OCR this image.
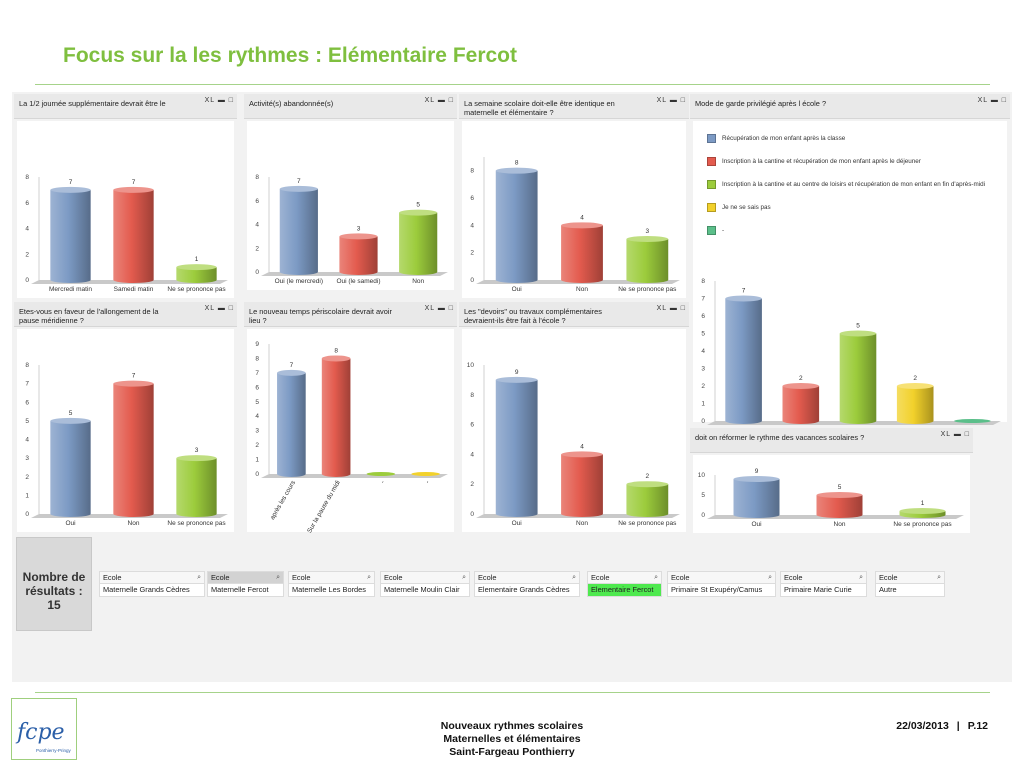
Focus sur la les rythmes : Elémentaire Fercot
La 1/2 journée supplémentaire devrait être le	XL ▬ □
0
2
4
6
8
7
Mercredi matin
7
Samedi matin
1
Ne se prononce pas
Activité(s) abandonnée(s)	XL ▬ □
0
2
4
6
8
7
Oui (le mercredi)
3
Oui (le samedi)
5
Non
La semaine scolaire doit-elle être identique en maternelle et élémentaire ?
XL ▬ □
0
2
4
6
8
8
Oui
4
Non
3
Ne se prononce pas
Mode de garde privilégié après l école ?	XL ▬ □
Récupération de mon enfant après la classe
Inscription à la cantine et récupération de mon enfant après le déjeuner
Inscription à la cantine et au centre de loisirs et récupération de mon enfant en fin d'après-midi
Je ne se sais pas
-
0
1
2
3
4
5
6
7
8
7
2
5
2
Etes-vous en faveur de l'allongement de la pause méridienne ?
XL ▬ □
0
1
2
3
4
5
6
7
8
5
Oui
7
Non
3
Ne se prononce pas
Le nouveau temps périscolaire devrait avoir lieu ?
XL ▬ □
0
1
2
3
4
5
6
7
8
9
7
après les cours
8
Sur la pause du midi	-	-
Les "devoirs" ou travaux complémentaires devraient-ils être fait à l'école ?
XL ▬ □
0
2
4
6
8
10
9
Oui
4
Non
2
Ne se prononce pas
doit on réformer le rythme des vacances scolaires ?	XL ▬ □
0
5
10
9
Oui
5
Non
1
Ne se prononce pas
Nombre de résultats : 15
Ecole	⌕
Maternelle Grands Cèdres
Ecole	⌕
Maternelle Fercot
Ecole	⌕
Maternelle Les Bordes
Ecole	⌕
Maternelle Moulin Clair
Ecole	⌕
Elementaire Grands Cèdres
Ecole	⌕
Elementaire Fercot
Ecole	⌕
Primaire St Exupéry/Camus
Ecole	⌕
Primaire Marie Curie
Ecole	⌕
Autre
fcpe
Ponthierry-Pringy
Nouveaux rythmes scolaires
Maternelles et élémentaires
Saint-Fargeau Ponthierry
22/03/2013 | P.12
